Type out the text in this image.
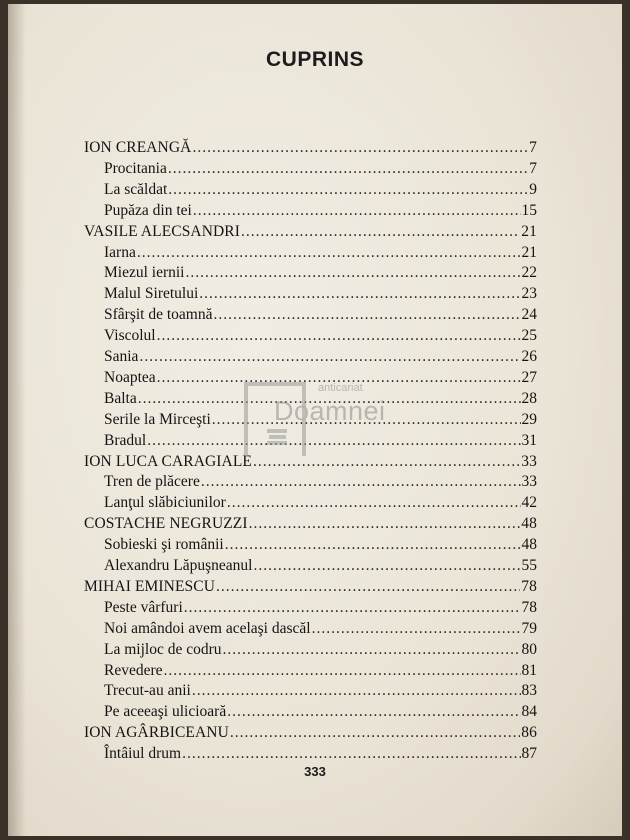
CUPRINS
ION CREANGĂ .....	7
Procitania .....	7
La scăldat .....	9
Pupăza din tei .....	15
VASILE ALECSANDRI .....	21
Iarna .....	21
Miezul iernii .....	22
Malul Siretului .....	23
Sfârşit de toamnă .....	24
Viscolul .....	25
Sania .....	26
Noaptea .....	27
Balta .....	28
Serile la Mirceşti .....	29
Bradul .....	31
ION LUCA CARAGIALE .....	33
Tren de plăcere .....	33
Lanţul slăbiciunilor .....	42
COSTACHE NEGRUZZI .....	48
Sobieski şi românii .....	48
Alexandru Lăpuşneanul .....	55
MIHAI EMINESCU .....	78
Peste vârfuri .....	78
Noi amândoi avem acelaşi dascăl .....	79
La mijloc de codru .....	80
Revedere .....	81
Trecut-au anii .....	83
Pe aceeaşi ulicioară .....	84
ION AGÂRBICEANU .....	86
Întâiul drum .....	87
anticariat
Doamnei
333
